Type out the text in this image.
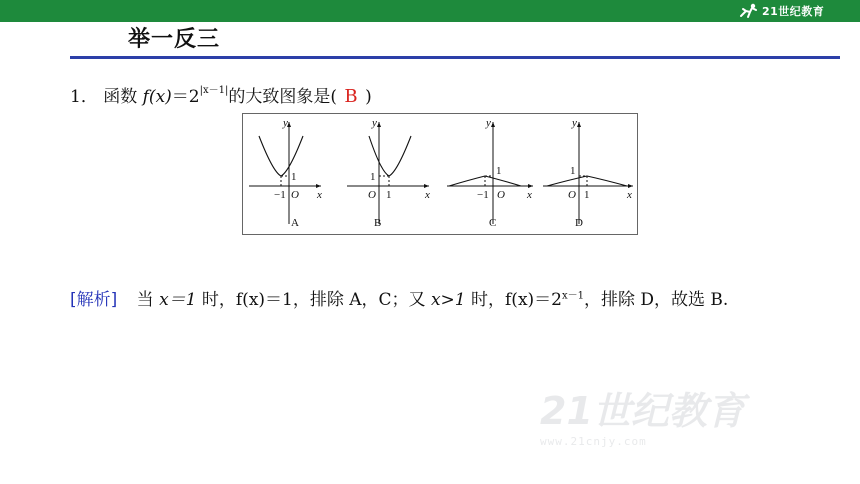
21世纪教育
举一反三
1． 函数 $f(x)=2^{|x-1|}$的大致图象是( B )
y
x
O
1
−1
A
y
x
O
1
1
B
y
x
O
1
−1
C
y
x
O
1
1
D
[解析] 当 x＝1 时，f(x)＝1，排除 A，C；又 x>1 时，$f(x)=2^{x-1}$，排除 D，故选 B.
21世纪教育
www.21cnjy.com
